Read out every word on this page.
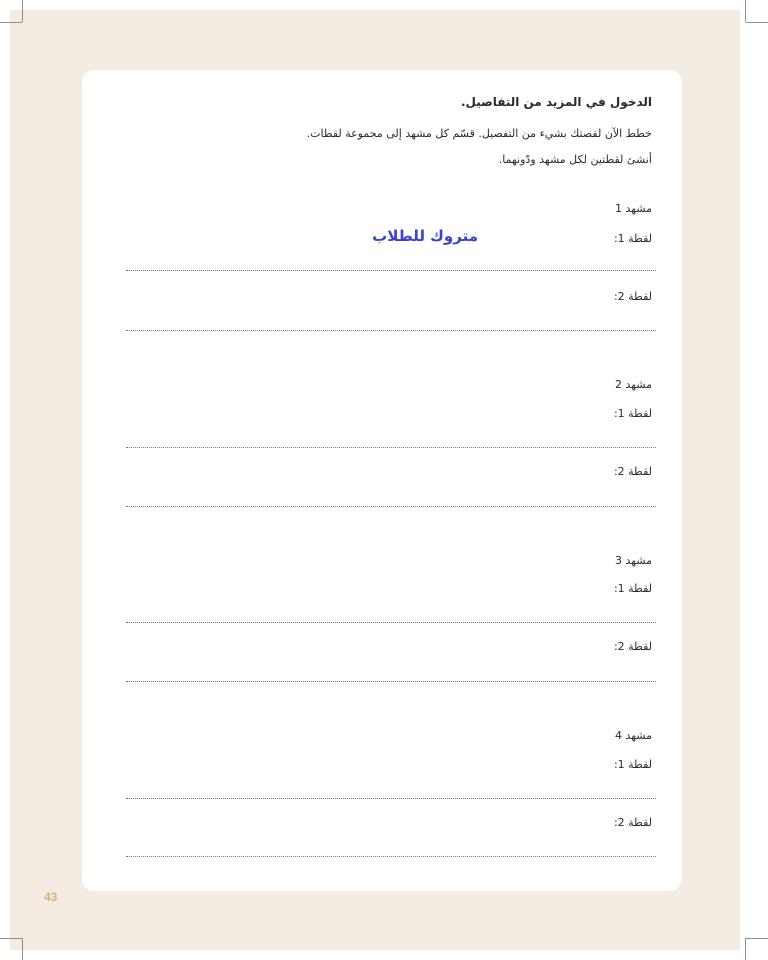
الدخول في المزيد من التفاصيل.
خطط الآن لقصتك بشيء من التفصيل. قسّم كل مشهد إلى مجموعة لقطات.
أنشئ لقطتين لكل مشهد ودّونهما.
متروك للطلاب
مشهد 1
لقطة 1:
لقطة 2:
مشهد 2
لقطة 1:
لقطة 2:
مشهد 3
لقطة 1:
لقطة 2:
مشهد 4
لقطة 1:
لقطة 2:
43
